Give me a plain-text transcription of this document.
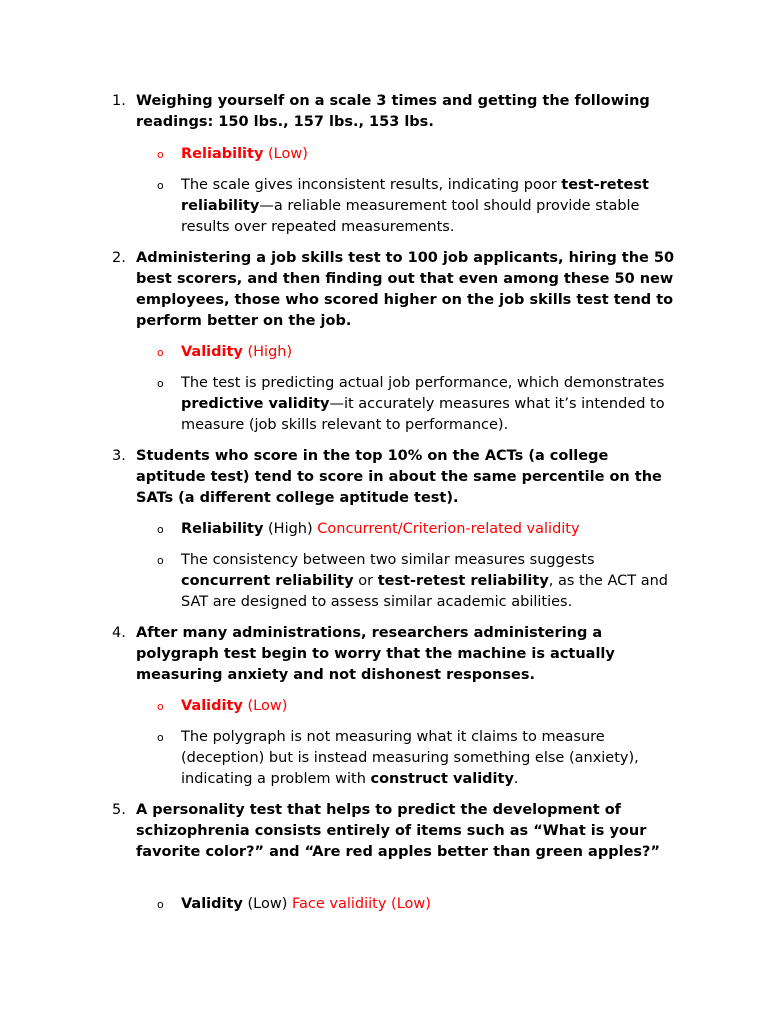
1. Weighing yourself on a scale 3 times and getting the following readings: 150 lbs., 157 lbs., 153 lbs.
o Reliability (Low)
o The scale gives inconsistent results, indicating poor test-retest reliability—a reliable measurement tool should provide stable results over repeated measurements.
2. Administering a job skills test to 100 job applicants, hiring the 50 best scorers, and then finding out that even among these 50 new employees, those who scored higher on the job skills test tend to perform better on the job.
o Validity (High)
o The test is predicting actual job performance, which demonstrates predictive validity—it accurately measures what it’s intended to measure (job skills relevant to performance).
3. Students who score in the top 10% on the ACTs (a college aptitude test) tend to score in about the same percentile on the SATs (a different college aptitude test).
o Reliability (High) Concurrent/Criterion-related validity
o The consistency between two similar measures suggests concurrent reliability or test-retest reliability, as the ACT and SAT are designed to assess similar academic abilities.
4. After many administrations, researchers administering a polygraph test begin to worry that the machine is actually measuring anxiety and not dishonest responses.
o Validity (Low)
o The polygraph is not measuring what it claims to measure (deception) but is instead measuring something else (anxiety), indicating a problem with construct validity.
5. A personality test that helps to predict the development of schizophrenia consists entirely of items such as “What is your favorite color?” and “Are red apples better than green apples?”
o Validity (Low) Face validiity (Low)
